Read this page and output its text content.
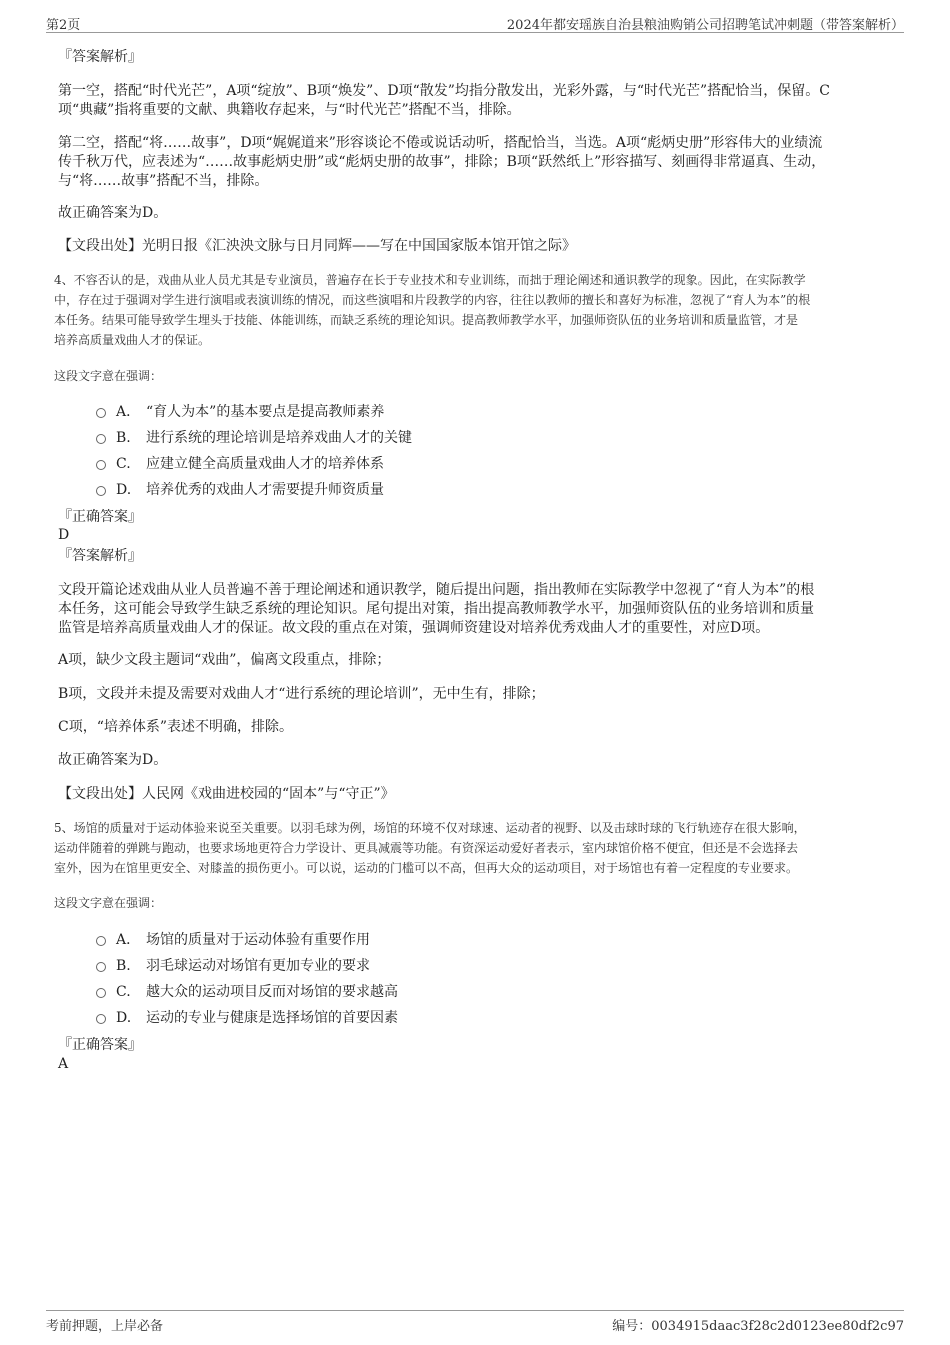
第2页	2024年都安瑶族自治县粮油购销公司招聘笔试冲刺题（带答案解析）
『答案解析』
第一空，搭配“时代光芒”，A项“绽放”、B项“焕发”、D项“散发”均指分散发出，光彩外露，与“时代光芒”搭配恰当，保留。C
项“典藏”指将重要的文献、典籍收存起来，与“时代光芒”搭配不当，排除。
第二空，搭配“将……故事”，D项“娓娓道来”形容谈论不倦或说话动听，搭配恰当，当选。A项“彪炳史册”形容伟大的业绩流
传千秋万代，应表述为“……故事彪炳史册”或“彪炳史册的故事”，排除；B项“跃然纸上”形容描写、刻画得非常逼真、生动，
与“将……故事”搭配不当，排除。
故正确答案为D。
【文段出处】光明日报《汇泱泱文脉与日月同辉——写在中国国家版本馆开馆之际》
4、不容否认的是，戏曲从业人员尤其是专业演员，普遍存在长于专业技术和专业训练，而拙于理论阐述和通识教学的现象。因此，在实际教学
中，存在过于强调对学生进行演唱或表演训练的情况，而这些演唱和片段教学的内容，往往以教师的擅长和喜好为标准，忽视了“育人为本”的根
本任务。结果可能导致学生埋头于技能、体能训练，而缺乏系统的理论知识。提高教师教学水平，加强师资队伍的业务培训和质量监管，才是
培养高质量戏曲人才的保证。
这段文字意在强调：
A． “育人为本”的基本要点是提高教师素养
B. 进行系统的理论培训是培养戏曲人才的关键
C. 应建立健全高质量戏曲人才的培养体系
D. 培养优秀的戏曲人才需要提升师资质量
『正确答案』
D
『答案解析』
文段开篇论述戏曲从业人员普遍不善于理论阐述和通识教学，随后提出问题，指出教师在实际教学中忽视了“育人为本”的根
本任务，这可能会导致学生缺乏系统的理论知识。尾句提出对策，指出提高教师教学水平，加强师资队伍的业务培训和质量
监管是培养高质量戏曲人才的保证。故文段的重点在对策，强调师资建设对培养优秀戏曲人才的重要性，对应D项。
A项，缺少文段主题词“戏曲”，偏离文段重点，排除；
B项，文段并未提及需要对戏曲人才“进行系统的理论培训”，无中生有，排除；
C项，“培养体系”表述不明确，排除。
故正确答案为D。
【文段出处】人民网《戏曲进校园的“固本”与“守正”》
5、场馆的质量对于运动体验来说至关重要。以羽毛球为例，场馆的环境不仅对球速、运动者的视野、以及击球时球的飞行轨迹存在很大影响，
运动伴随着的弹跳与跑动，也要求场地更符合力学设计、更具减震等功能。有资深运动爱好者表示，室内球馆价格不便宜，但还是不会选择去
室外，因为在馆里更安全、对膝盖的损伤更小。可以说，运动的门槛可以不高，但再大众的运动项目，对于场馆也有着一定程度的专业要求。
这段文字意在强调：
A． 场馆的质量对于运动体验有重要作用
B. 羽毛球运动对场馆有更加专业的要求
C. 越大众的运动项目反而对场馆的要求越高
D. 运动的专业与健康是选择场馆的首要因素
『正确答案』
A
考前押题，上岸必备	编号：0034915daac3f28c2d0123ee80df2c97
